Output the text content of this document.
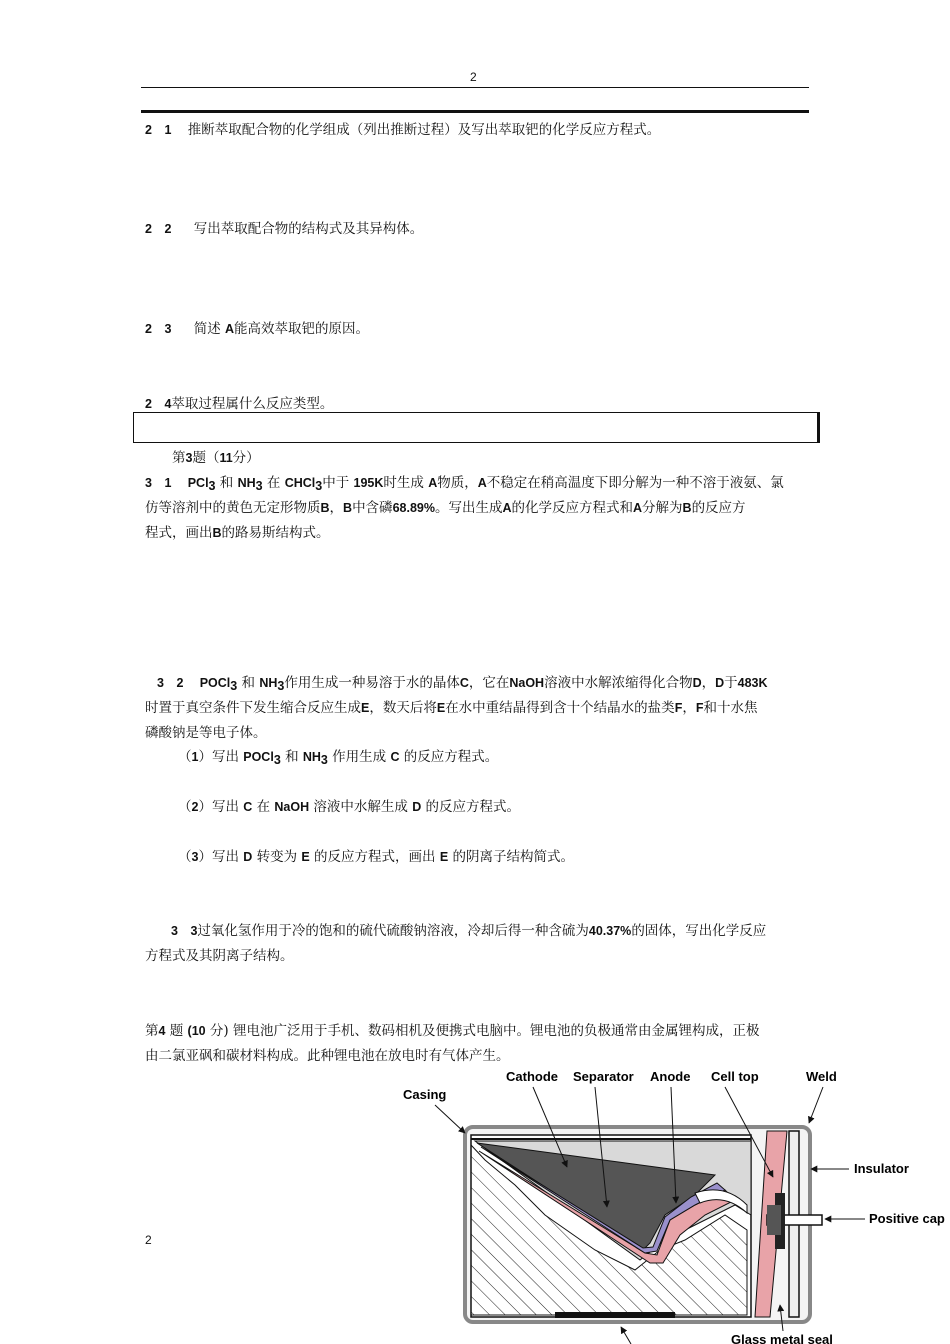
2
2　1 推断萃取配合物的化学组成（列出推断过程）及写出萃取钯的化学反应方程式。
2　2 写出萃取配合物的结构式及其异构体。
2　3 简述 A能高效萃取钯的原因。
2　4萃取过程属什么反应类型。
第3题（11分）
3　1 PCl$_3$ 和 $NH_3$ 在 CHCl$_3$中于 195K时生成 A物质，A不稳定在稍高温度下即分解为一种不溶于液氨、氯
仿等溶剂中的黄色无定形物质B，B中含磷68.89%。写出生成A的化学反应方程式和A分解为B的反应方
程式，画出B的路易斯结构式。
3　2 POCl$_3$ 和 $NH_3$作用生成一种易溶于水的晶体C，它在NaOH溶液中水解浓缩得化合物D，D于483K
时置于真空条件下发生缩合反应生成E，数天后将E在水中重结晶得到含十个结晶水的盐类F，F和十水焦
磷酸钠是等电子体。
（1）写出 POCl$_3$ 和 $NH_3$ 作用生成 C 的反应方程式。
（2）写出 C 在 NaOH 溶液中水解生成 D 的反应方程式。
（3）写出 D 转变为 E 的反应方程式，画出 E 的阴离子结构简式。
3　3过氧化氢作用于冷的饱和的硫代硫酸钠溶液，冷却后得一种含硫为40.37%的固体，写出化学反应
方程式及其阴离子结构。
第4 题 (10 分) 锂电池广泛用于手机、数码相机及便携式电脑中。锂电池的负极通常由金属锂构成，正极
由二氯亚砜和碳材料构成。此种锂电池在放电时有气体产生。
2
Casing
Cathode Separator Anode Cell top	Weld
Insulator
Positive cap
Glass metal seal
